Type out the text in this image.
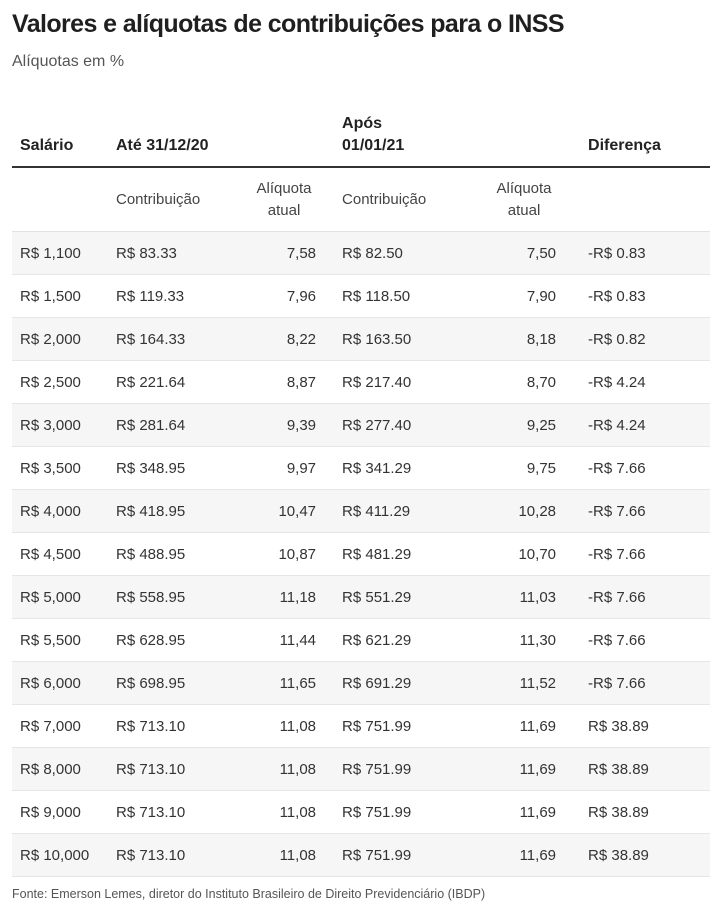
Valores e alíquotas de contribuições para o INSS
Alíquotas em %
Salário	Até 31/12/20		Após 01/01/21		Diferença
	Contribuição	Alíquota atual	Contribuição	Alíquota atual	
R$ 1,100	R$ 83.33	7,58	R$ 82.50	7,50	-R$ 0.83
R$ 1,500	R$ 119.33	7,96	R$ 118.50	7,90	-R$ 0.83
R$ 2,000	R$ 164.33	8,22	R$ 163.50	8,18	-R$ 0.82
R$ 2,500	R$ 221.64	8,87	R$ 217.40	8,70	-R$ 4.24
R$ 3,000	R$ 281.64	9,39	R$ 277.40	9,25	-R$ 4.24
R$ 3,500	R$ 348.95	9,97	R$ 341.29	9,75	-R$ 7.66
R$ 4,000	R$ 418.95	10,47	R$ 411.29	10,28	-R$ 7.66
R$ 4,500	R$ 488.95	10,87	R$ 481.29	10,70	-R$ 7.66
R$ 5,000	R$ 558.95	11,18	R$ 551.29	11,03	-R$ 7.66
R$ 5,500	R$ 628.95	11,44	R$ 621.29	11,30	-R$ 7.66
R$ 6,000	R$ 698.95	11,65	R$ 691.29	11,52	-R$ 7.66
R$ 7,000	R$ 713.10	11,08	R$ 751.99	11,69	R$ 38.89
R$ 8,000	R$ 713.10	11,08	R$ 751.99	11,69	R$ 38.89
R$ 9,000	R$ 713.10	11,08	R$ 751.99	11,69	R$ 38.89
R$ 10,000	R$ 713.10	11,08	R$ 751.99	11,69	R$ 38.89
Fonte: Emerson Lemes, diretor do Instituto Brasileiro de Direito Previdenciário (IBDP)
